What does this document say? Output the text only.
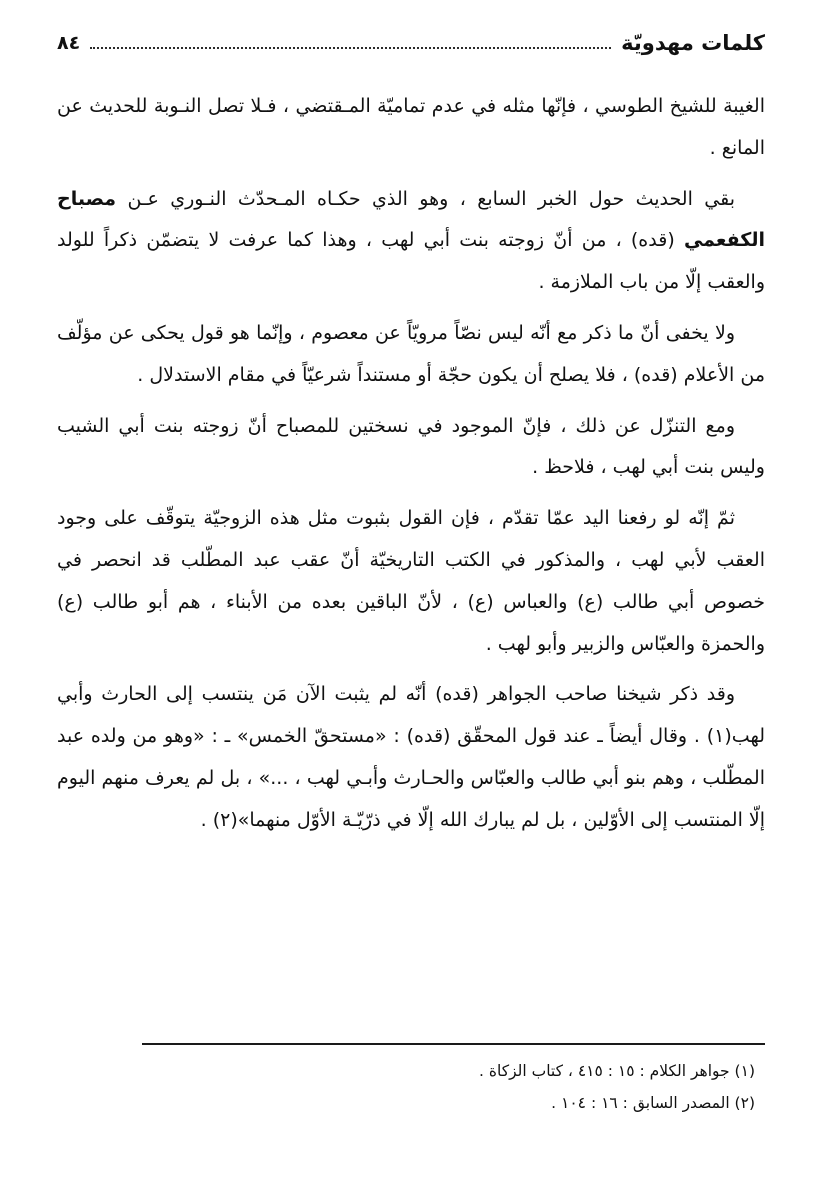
كلمات مهدويّة
٨٤

الغيبة للشيخ الطوسي ، فإنّها مثله في عدم تماميّة المـقتضي ، فـلا تصل النـوبة للحديث عن المانع .

بقي الحديث حول الخبر السابع ، وهو الذي حكـاه المـحدّث النـوري عـن مصباح الكفعمي (قده) ، من أنّ زوجته بنت أبي لهب ، وهذا كما عرفت لا يتضمّن ذكراً للولد والعقب إلّا من باب الملازمة .

ولا يخفى أنّ ما ذكر مع أنّه ليس نصّاً مرويّاً عن معصوم ، وإنّما هو قول يحكى عن مؤلّف من الأعلام (قده) ، فلا يصلح أن يكون حجّة أو مستنداً شرعيّاً في مقام الاستدلال .

ومع التنزّل عن ذلك ، فإنّ الموجود في نسختين للمصباح أنّ زوجته بنت أبي الشيب وليس بنت أبي لهب ، فلاحظ .

ثمّ إنّه لو رفعنا اليد عمّا تقدّم ، فإن القول بثبوت مثل هذه الزوجيّة يتوقّف على وجود العقب لأبي لهب ، والمذكور في الكتب التاريخيّة أنّ عقب عبد المطّلب قد انحصر في خصوص أبي طالب (ع) والعباس (ع) ، لأنّ الباقين بعده من الأبناء ، هم أبو طالب (ع) والحمزة والعبّاس والزبير وأبو لهب .

وقد ذكر شيخنا صاحب الجواهر (قده) أنّه لم يثبت الآن مَن ينتسب إلى الحارث وأبي لهب(١) . وقال أيضاً ـ عند قول المحقّق (قده) : «مستحقّ الخمس» ـ : «وهو من ولده عبد المطّلب ، وهم بنو أبي طالب والعبّاس والحـارث وأبـي لهب ، ...» ، بل لم يعرف منهم اليوم إلّا المنتسب إلى الأوّلين ، بل لم يبارك الله إلّا في ذرّيّـة الأوّل منهما»(٢) .

(١) جواهر الكلام : ١٥ : ٤١٥ ، كتاب الزكاة .

(٢) المصدر السابق : ١٦ : ١٠٤ .
